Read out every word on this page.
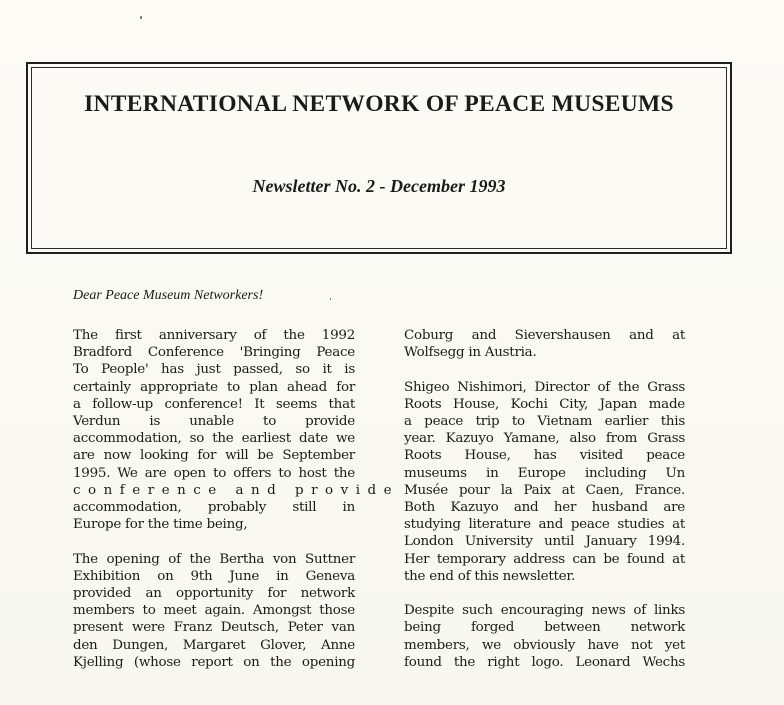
INTERNATIONAL NETWORK OF PEACE MUSEUMS

Newsletter No. 2 - December 1993

Dear Peace Museum Networkers!

The first anniversary of the 1992
Bradford Conference 'Bringing Peace
To People' has just passed, so it is
certainly appropriate to plan ahead for
a follow-up conference! It seems that
Verdun is unable to provide
accommodation, so the earliest date we
are now looking for will be September
1995. We are open to offers to host the
conference and provide
accommodation, probably still in
Europe for the time being,
The opening of the Bertha von Suttner
Exhibition on 9th June in Geneva
provided an opportunity for network
members to meet again. Amongst those
present were Franz Deutsch, Peter van
den Dungen, Margaret Glover, Anne
Kjelling (whose report on the opening
Coburg and Sievershausen and at
Wolfsegg in Austria.
Shigeo Nishimori, Director of the Grass
Roots House, Kochi City, Japan made
a peace trip to Vietnam earlier this
year. Kazuyo Yamane, also from Grass
Roots House, has visited peace
museums in Europe including Un
Musée pour la Paix at Caen, France.
Both Kazuyo and her husband are
studying literature and peace studies at
London University until January 1994.
Her temporary address can be found at
the end of this newsletter.
Despite such encouraging news of links
being forged between network
members, we obviously have not yet
found the right logo. Leonard Wechs
